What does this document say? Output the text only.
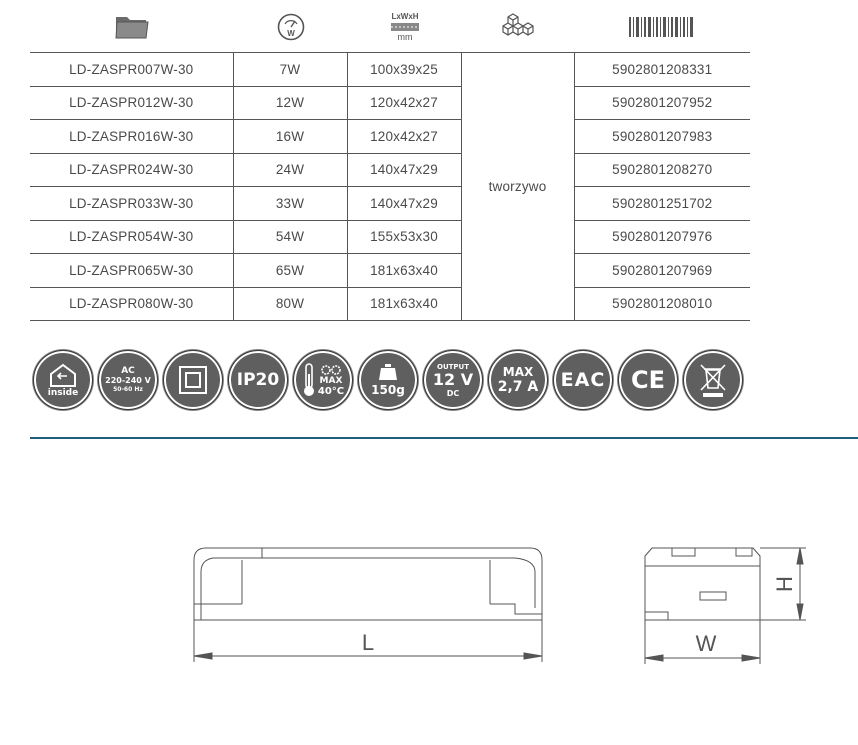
W
LxWxH
mm
LD-ZASPR007W-30	7W	100x39x25	tworzywo	5902801208331
LD-ZASPR012W-30	12W	120x42x27		5902801207952
LD-ZASPR016W-30	16W	120x42x27		5902801207983
LD-ZASPR024W-30	24W	140x47x29		5902801208270
LD-ZASPR033W-30	33W	140x47x29		5902801251702
LD-ZASPR054W-30	54W	155x53x30		5902801207976
LD-ZASPR065W-30	65W	181x63x40		5902801207969
LD-ZASPR080W-30	80W	181x63x40		5902801208010
inside
AC
220-240 V
50-60 Hz	IP20	MAX
40°C 150g
OUTPUT
12 V
DC
MAX
2,7 A EAC CE
L	W
H
